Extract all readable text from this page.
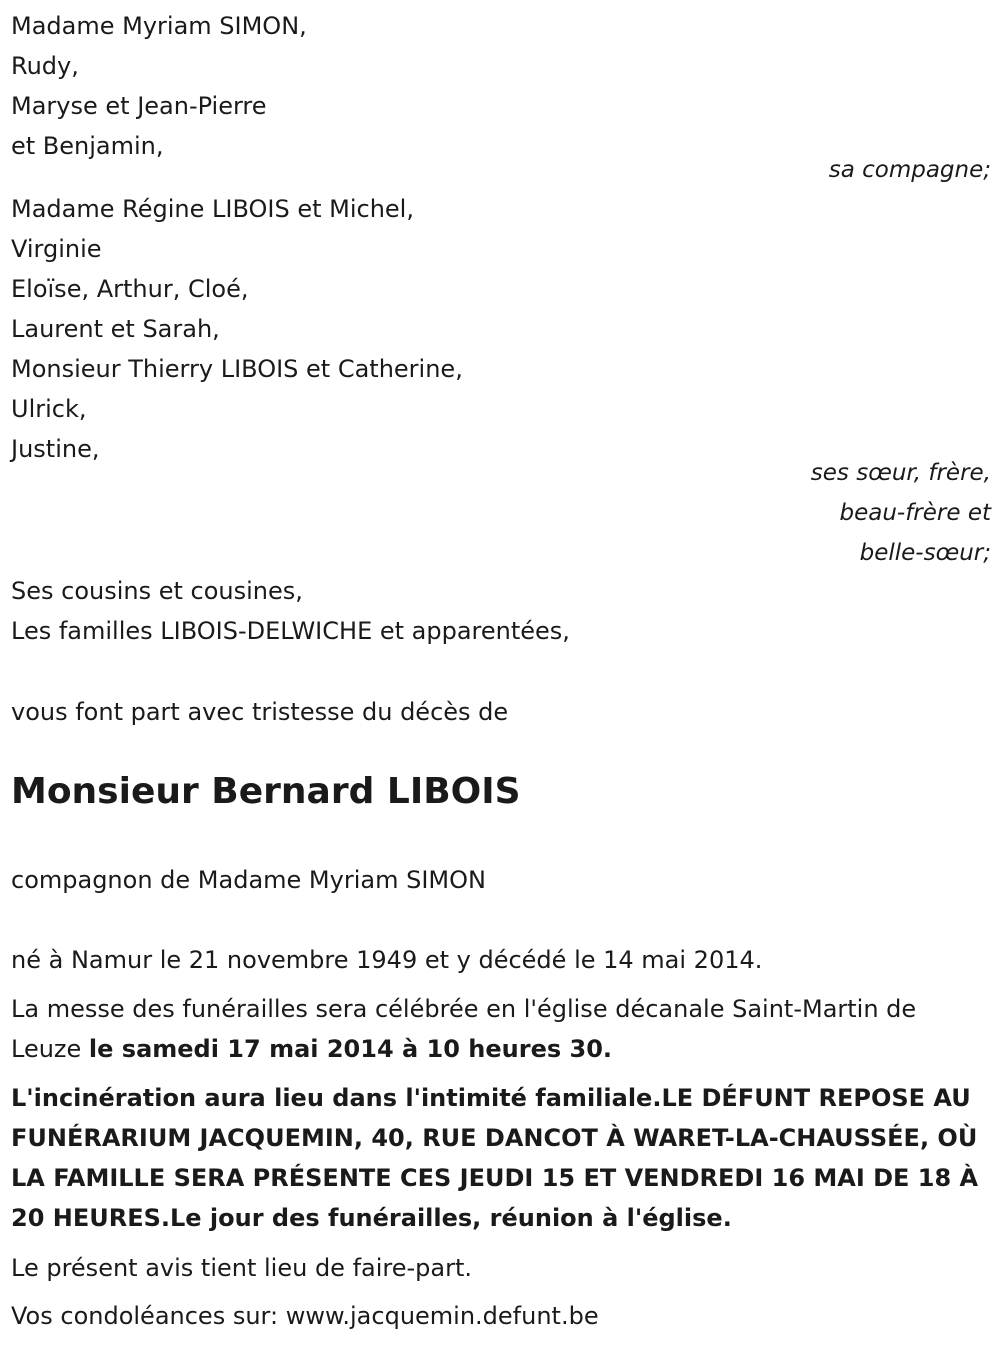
Madame Myriam SIMON,
Rudy,
Maryse et Jean-Pierre
et Benjamin,
sa compagne;
Madame Régine LIBOIS et Michel,
Virginie
Eloïse, Arthur, Cloé,
Laurent et Sarah,
Monsieur Thierry LIBOIS et Catherine,
Ulrick,
Justine,
ses sœur, frère,
beau-frère et
belle-sœur;
Ses cousins et cousines,
Les familles LIBOIS-DELWICHE et apparentées,
vous font part avec tristesse du décès de
Monsieur Bernard LIBOIS
compagnon de Madame Myriam SIMON
né à Namur le 21 novembre 1949 et y décédé le 14 mai 2014.
La messe des funérailles sera célébrée en l'église décanale Saint-Martin de Leuze le samedi 17 mai 2014 à 10 heures 30.
L'incinération aura lieu dans l'intimité familiale.LE DÉFUNT REPOSE AU FUNÉRARIUM JACQUEMIN, 40, RUE DANCOT À WARET-LA-CHAUSSÉE, OÙ LA FAMILLE SERA PRÉSENTE CES JEUDI 15 ET VENDREDI 16 MAI DE 18 À 20 HEURES.Le jour des funérailles, réunion à l'église.
Le présent avis tient lieu de faire-part.
Vos condoléances sur: www.jacquemin.defunt.be
